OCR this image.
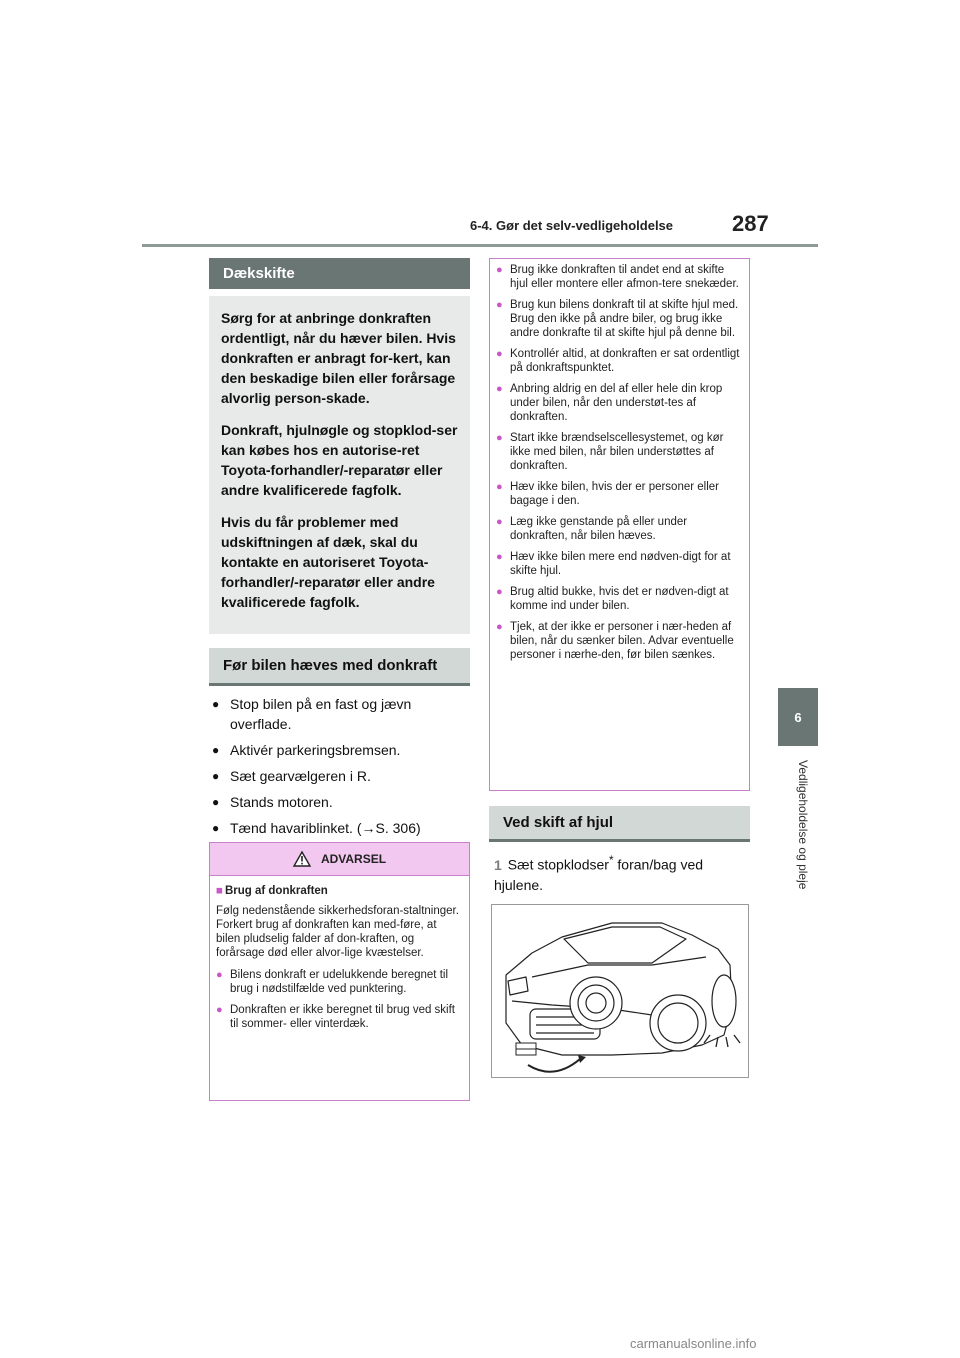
6-4. Gør det selv-vedligeholdelse	287
6
Vedligeholdelse og pleje
Dækskifte

Sørg for at anbringe donkraften ordentligt, når du hæver bilen. Hvis donkraften er anbragt for-kert, kan den beskadige bilen eller forårsage alvorlig person-skade.

Donkraft, hjulnøgle og stopklod-ser kan købes hos en autorise-ret Toyota-forhandler/-reparatør eller andre kvalificerede fagfolk.

Hvis du får problemer med udskiftningen af dæk, skal du kontakte en autoriseret Toyota-forhandler/-reparatør eller andre kvalificerede fagfolk.

Før bilen hæves med donkraft
● Stop bilen på en fast og jævn overflade.
● Aktivér parkeringsbremsen.
● Sæt gearvælgeren i R.
● Stands motoren.
● Tænd havariblinket. (→S. 306)
ADVARSEL
■ Brug af donkraften
Følg nedenstående sikkerhedsforan-staltninger. Forkert brug af donkraften kan med-føre, at bilen pludselig falder af don-kraften, og forårsage død eller alvor-lige kvæstelser.
● Bilens donkraft er udelukkende beregnet til brug i nødstilfælde ved punktering.
● Donkraften er ikke beregnet til brug ved skift til sommer- eller vinterdæk.
● Brug ikke donkraften til andet end at skifte hjul eller montere eller afmon-tere snekæder.
● Brug kun bilens donkraft til at skifte hjul med. Brug den ikke på andre biler, og brug ikke andre donkrafte til at skifte hjul på denne bil.
● Kontrollér altid, at donkraften er sat ordentligt på donkraftspunktet.
● Anbring aldrig en del af eller hele din krop under bilen, når den understøt-tes af donkraften.
● Start ikke brændselscellesystemet, og kør ikke med bilen, når bilen understøttes af donkraften.
● Hæv ikke bilen, hvis der er personer eller bagage i den.
● Læg ikke genstande på eller under donkraften, når bilen hæves.
● Hæv ikke bilen mere end nødven-digt for at skifte hjul.
● Brug altid bukke, hvis det er nødven-digt at komme ind under bilen.
● Tjek, at der ikke er personer i nær-heden af bilen, når du sænker bilen. Advar eventuelle personer i nærhe-den, før bilen sænkes.
Ved skift af hjul
1 Sæt stopklodser* foran/bag ved hjulene.
carmanualsonline.info
